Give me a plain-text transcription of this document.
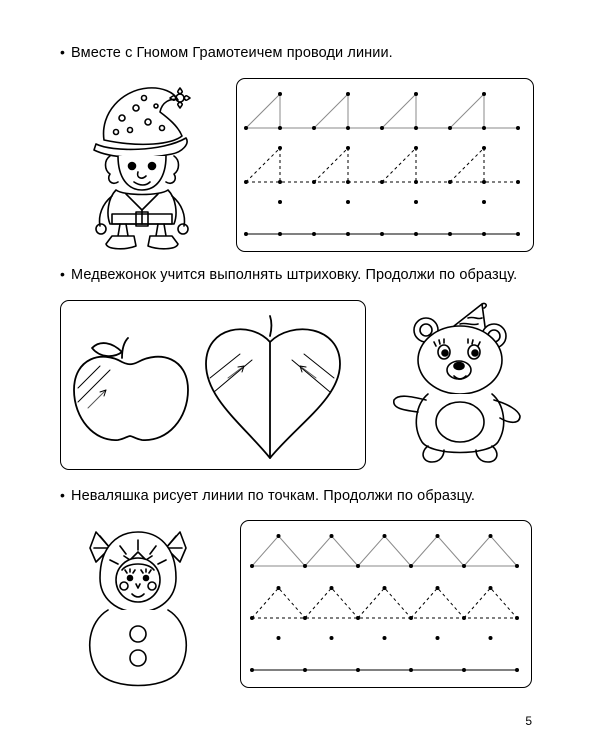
• Вместе с Гномом Грамотеичем проводи линии.
• Медвежонок учится выполнять штриховку. Продолжи по образцу.
• Неваляшка рисует линии по точкам. Продолжи по образцу.
5
